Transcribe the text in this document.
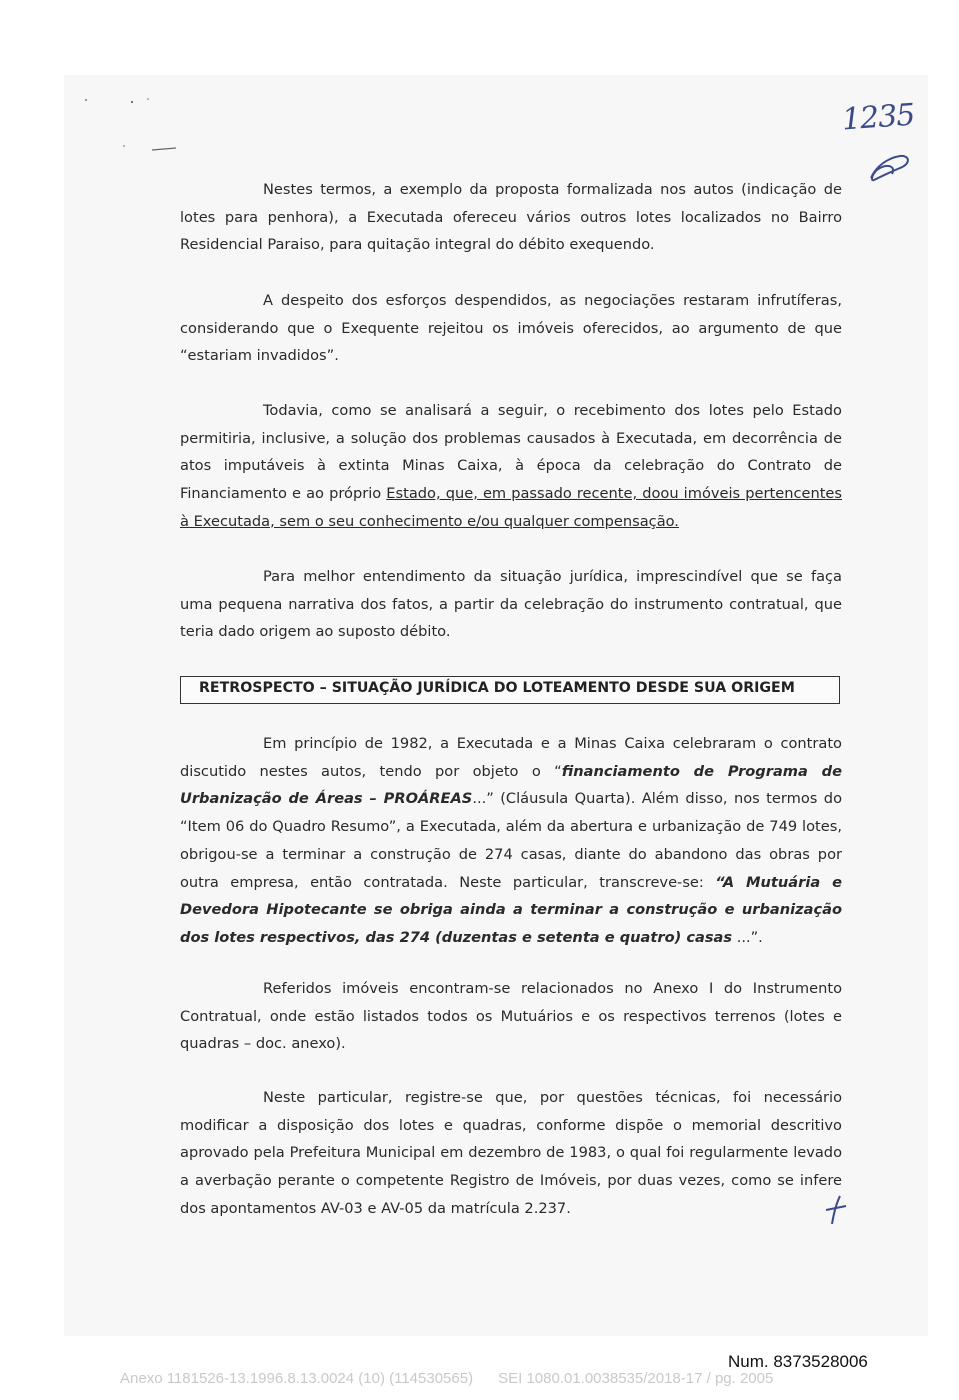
1235

Nestes termos, a exemplo da proposta formalizada nos autos (indicação de lotes para penhora), a Executada ofereceu vários outros lotes localizados no Bairro Residencial Paraiso, para quitação integral do débito exequendo.

A despeito dos esforços despendidos, as negociações restaram infrutíferas, considerando que o Exequente rejeitou os imóveis oferecidos, ao argumento de que “estariam invadidos”.

Todavia, como se analisará a seguir, o recebimento dos lotes pelo Estado permitiria, inclusive, a solução dos problemas causados à Executada, em decorrência de atos imputáveis à extinta Minas Caixa, à época da celebração do Contrato de Financiamento e ao próprio Estado, que, em passado recente, doou imóveis pertencentes à Executada, sem o seu conhecimento e/ou qualquer compensação.

Para melhor entendimento da situação jurídica, imprescindível que se faça uma pequena narrativa dos fatos, a partir da celebração do instrumento contratual, que teria dado origem ao suposto débito.

RETROSPECTO – SITUAÇÃO JURÍDICA DO LOTEAMENTO DESDE SUA ORIGEM

Em princípio de 1982, a Executada e a Minas Caixa celebraram o contrato discutido nestes autos, tendo por objeto o “financiamento de Programa de Urbanização de Áreas – PROÁREAS...” (Cláusula Quarta). Além disso, nos termos do “Item 06 do Quadro Resumo”, a Executada, além da abertura e urbanização de 749 lotes, obrigou-se a terminar a construção de 274 casas, diante do abandono das obras por outra empresa, então contratada. Neste particular, transcreve-se: “A Mutuária e Devedora Hipotecante se obriga ainda a terminar a construção e urbanização dos lotes respectivos, das 274 (duzentas e setenta e quatro) casas ...”.

Referidos imóveis encontram-se relacionados no Anexo I do Instrumento Contratual, onde estão listados todos os Mutuários e os respectivos terrenos (lotes e quadras – doc. anexo).

Neste particular, registre-se que, por questões técnicas, foi necessário modificar a disposição dos lotes e quadras, conforme dispõe o memorial descritivo aprovado pela Prefeitura Municipal em dezembro de 1983, o qual foi regularmente levado a averbação perante o competente Registro de Imóveis, por duas vezes, como se infere dos apontamentos AV-03 e AV-05 da matrícula 2.237.

Num. 8373528006
Anexo 1181526-13.1996.8.13.0024 (10) (114530565) SEI 1080.01.0038535/2018-17 / pg. 2005
